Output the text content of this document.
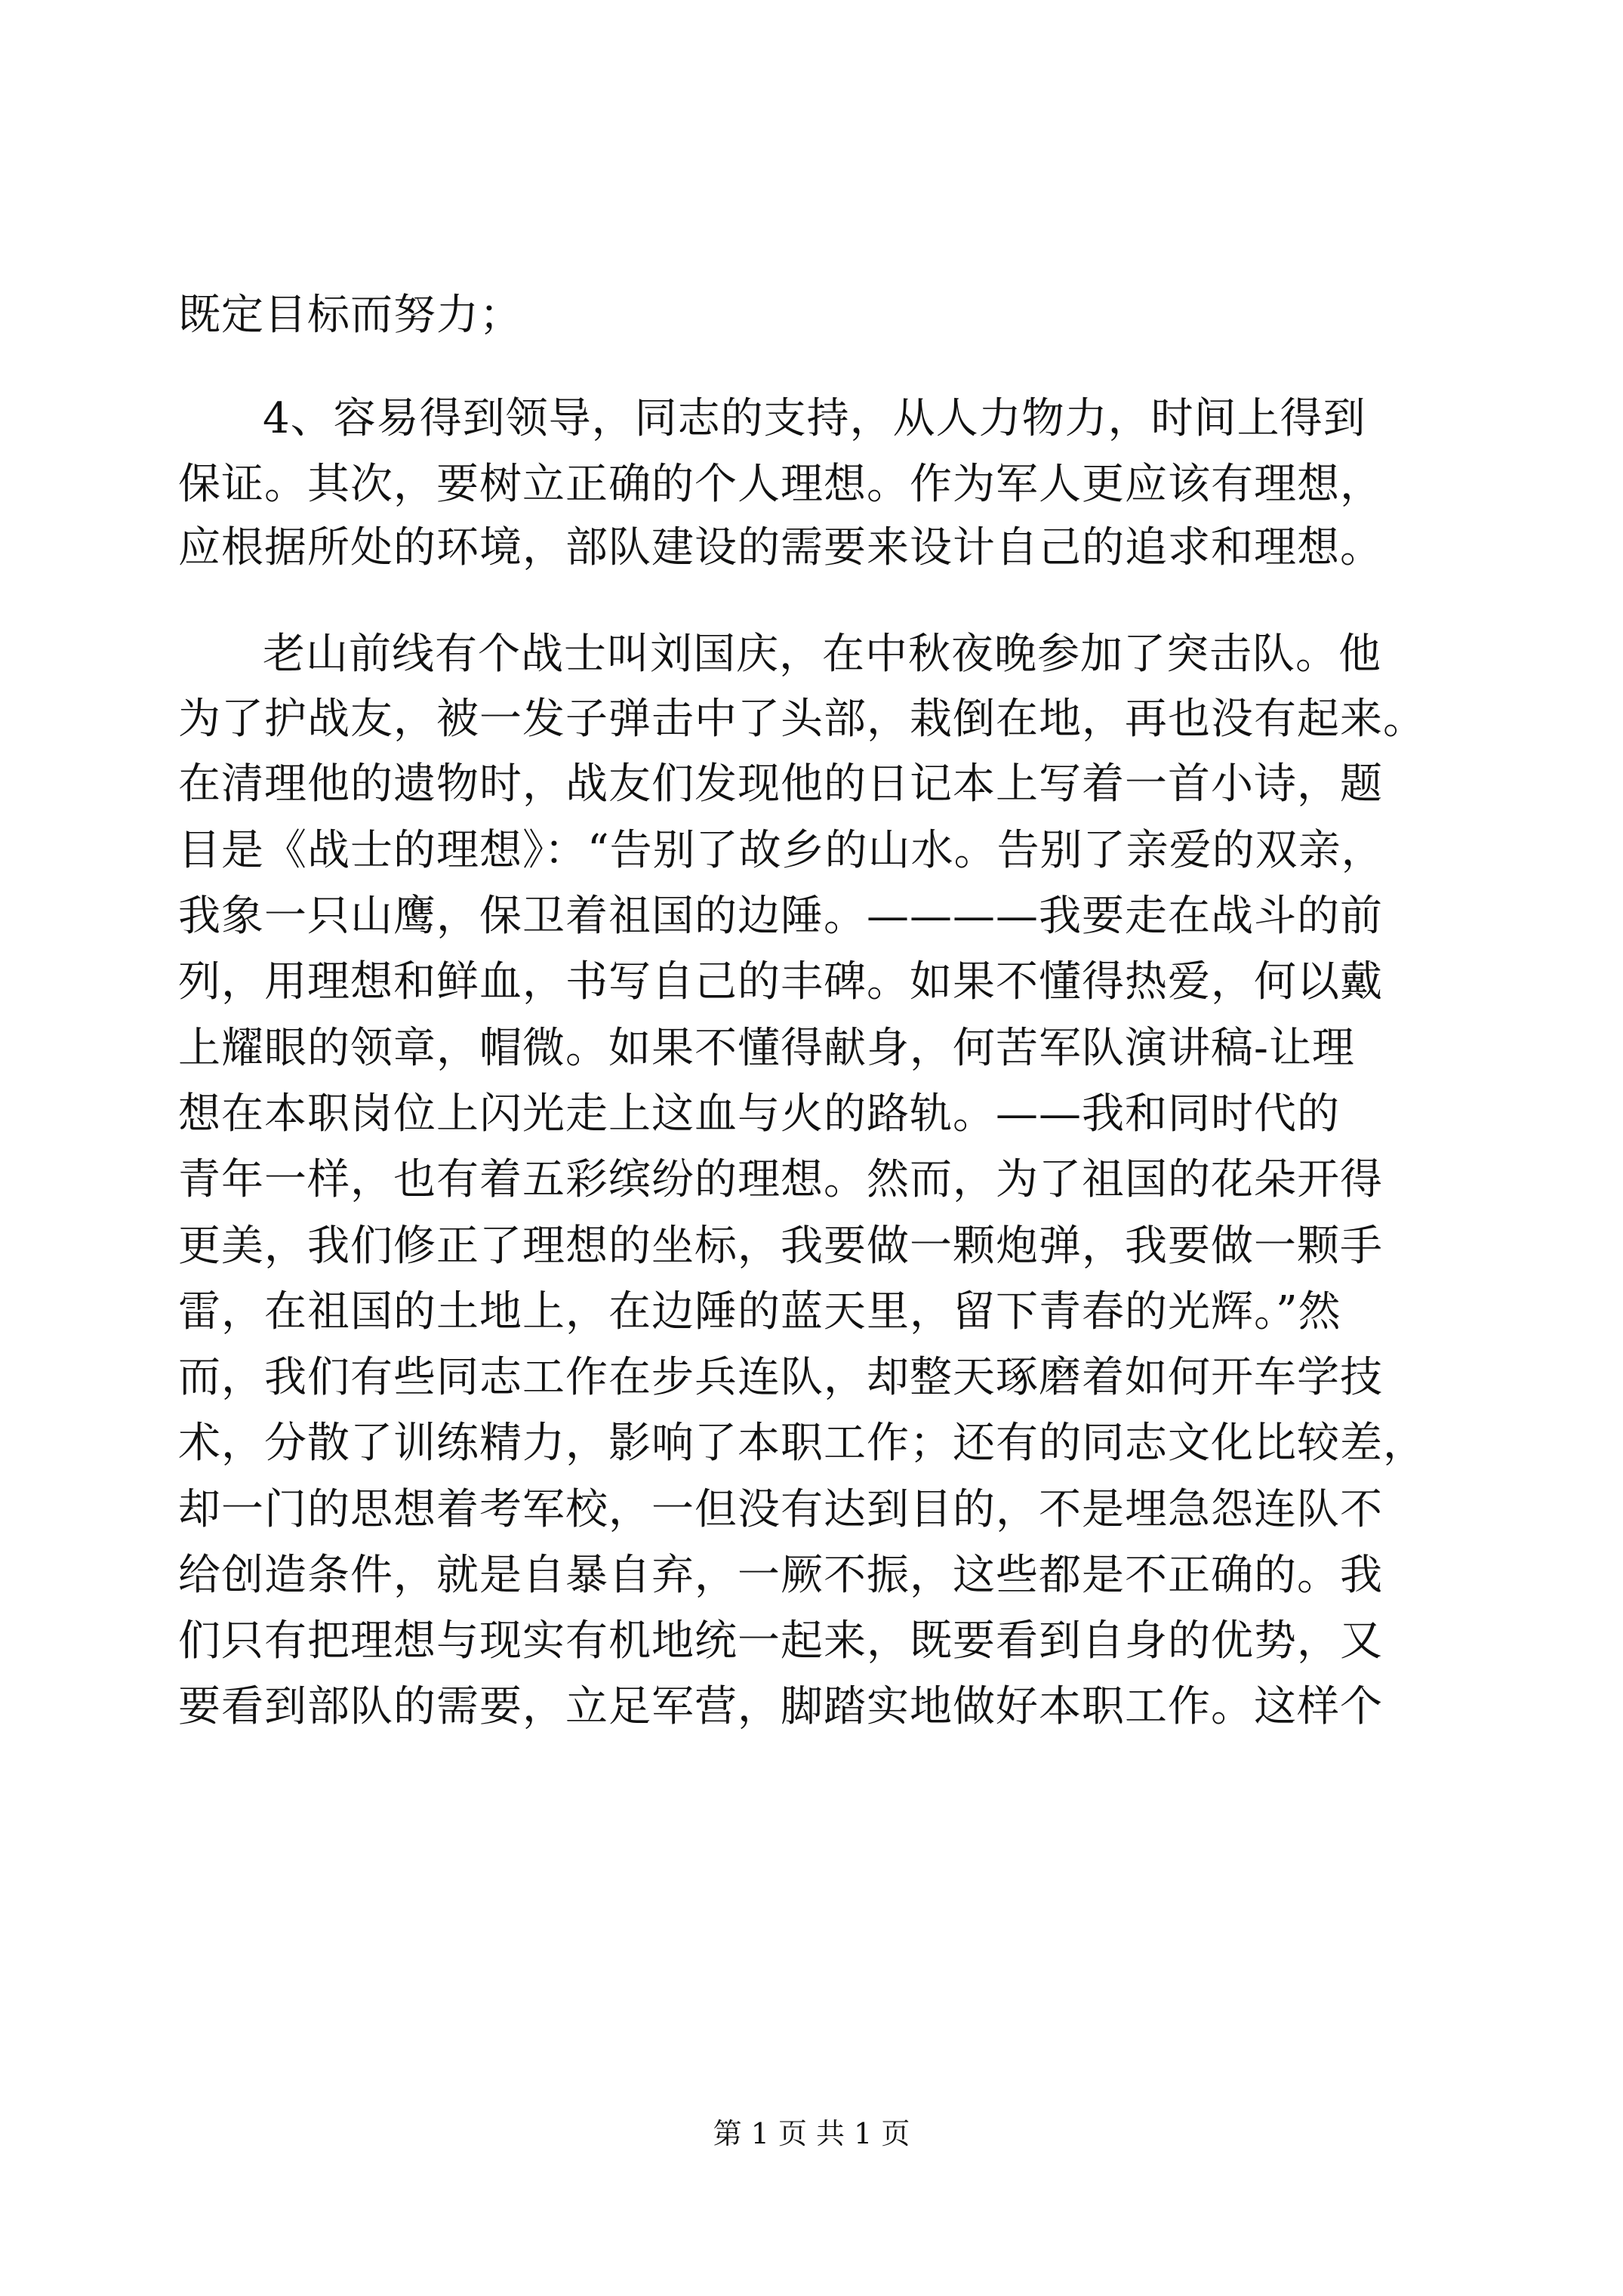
既定目标而努力；
4、容易得到领导，同志的支持，从人力物力，时间上得到
保证。其次，要树立正确的个人理想。作为军人更应该有理想，
应根据所处的环境，部队建设的需要来设计自己的追求和理想。
老山前线有个战士叫刘国庆，在中秋夜晚参加了突击队。他
为了护战友，被一发子弹击中了头部，栽倒在地，再也没有起来。
在清理他的遗物时，战友们发现他的日记本上写着一首小诗，题
目是《战士的理想》：“告别了故乡的山水。告别了亲爱的双亲，
我象一只山鹰，保卫着祖国的边陲。————我要走在战斗的前
列，用理想和鲜血，书写自己的丰碑。如果不懂得热爱，何以戴
上耀眼的领章，帽微。如果不懂得献身，何苦军队演讲稿-让理
想在本职岗位上闪光走上这血与火的路轨。——我和同时代的
青年一样，也有着五彩缤纷的理想。然而，为了祖国的花朵开得
更美，我们修正了理想的坐标，我要做一颗炮弹，我要做一颗手
雷，在祖国的土地上，在边陲的蓝天里，留下青春的光辉。”然
而，我们有些同志工作在步兵连队，却整天琢磨着如何开车学技
术，分散了训练精力，影响了本职工作；还有的同志文化比较差，
却一门的思想着考军校，一但没有达到目的，不是埋急怨连队不
给创造条件，就是自暴自弃，一厥不振，这些都是不正确的。我
们只有把理想与现实有机地统一起来，既要看到自身的优势，又
要看到部队的需要，立足军营，脚踏实地做好本职工作。这样个
第 1 页 共 1 页
